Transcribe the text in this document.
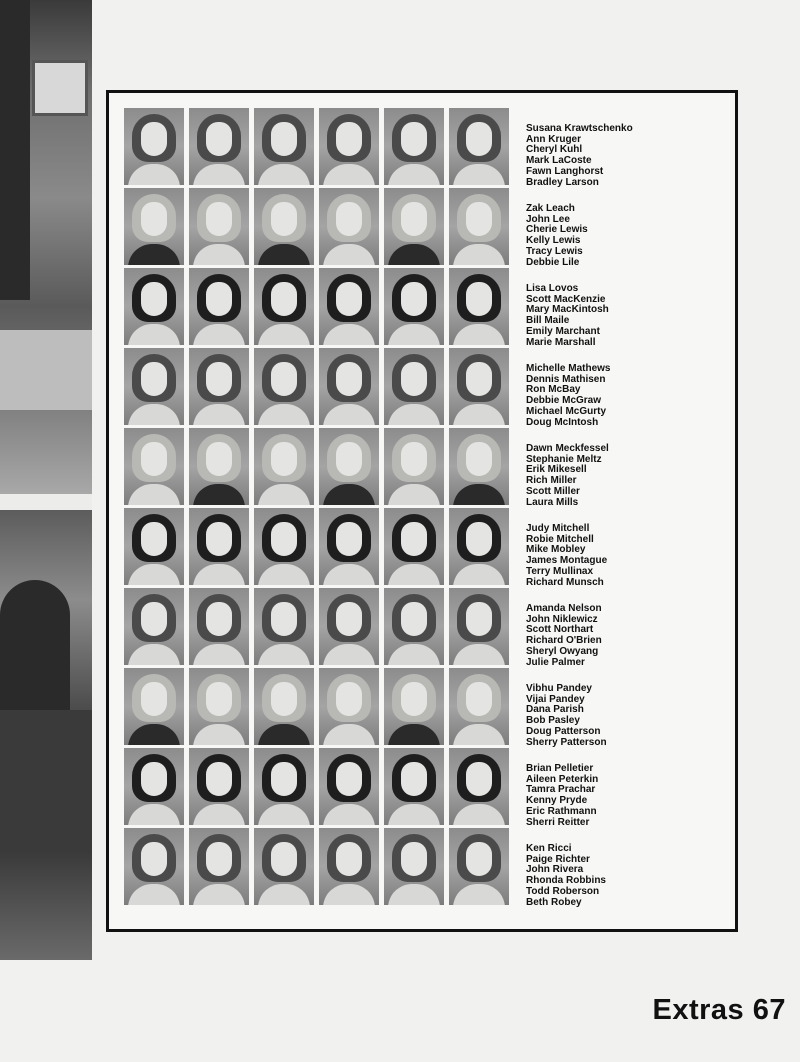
Susana Krawtschenko
Ann Kruger
Cheryl Kuhl
Mark LaCoste
Fawn Langhorst
Bradley Larson
Zak Leach
John Lee
Cherie Lewis
Kelly Lewis
Tracy Lewis
Debbie Lile
Lisa Lovos
Scott MacKenzie
Mary MacKintosh
Bill Maile
Emily Marchant
Marie Marshall
Michelle Mathews
Dennis Mathisen
Ron McBay
Debbie McGraw
Michael McGurty
Doug McIntosh
Dawn Meckfessel
Stephanie Meltz
Erik Mikesell
Rich Miller
Scott Miller
Laura Mills
Judy Mitchell
Robie Mitchell
Mike Mobley
James Montague
Terry Mullinax
Richard Munsch
Amanda Nelson
John Niklewicz
Scott Northart
Richard O'Brien
Sheryl Owyang
Julie Palmer
Vibhu Pandey
Vijai Pandey
Dana Parish
Bob Pasley
Doug Patterson
Sherry Patterson
Brian Pelletier
Aileen Peterkin
Tamra Prachar
Kenny Pryde
Eric Rathmann
Sherri Reitter
Ken Ricci
Paige Richter
John Rivera
Rhonda Robbins
Todd Roberson
Beth Robey
Extras 67
